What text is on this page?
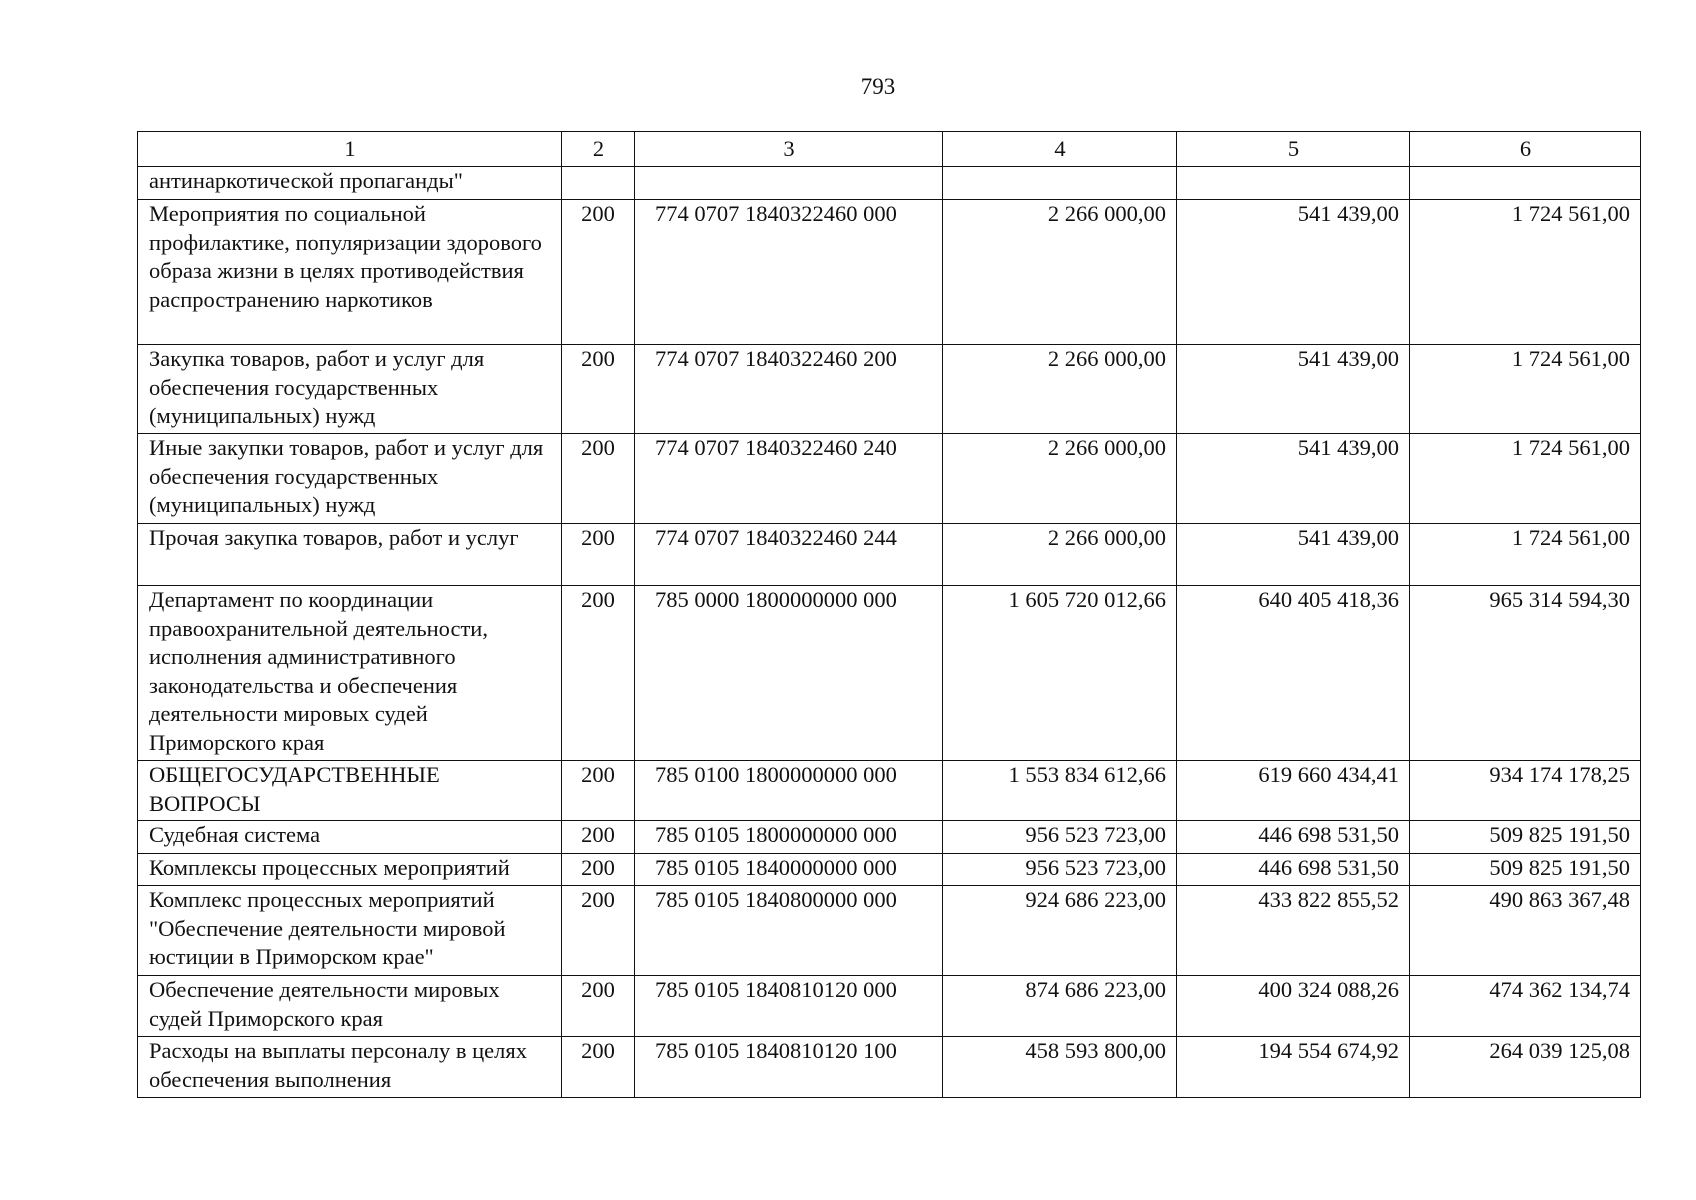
793
1	2	3	4	5	6
антинаркотической пропаганды"					
Мероприятия по социальной профилактике, популяризации здорового образа жизни в целях противодействия распространению наркотиков	200	774 0707 1840322460 000	2 266 000,00	541 439,00	1 724 561,00
Закупка товаров, работ и услуг для обеспечения государственных (муниципальных) нужд	200	774 0707 1840322460 200	2 266 000,00	541 439,00	1 724 561,00
Иные закупки товаров, работ и услуг для обеспечения государственных (муниципальных) нужд	200	774 0707 1840322460 240	2 266 000,00	541 439,00	1 724 561,00
Прочая закупка товаров, работ и услуг	200	774 0707 1840322460 244	2 266 000,00	541 439,00	1 724 561,00
Департамент по координации правоохранительной деятельности, исполнения административного законодательства и обеспечения деятельности мировых судей Приморского края	200	785 0000 1800000000 000	1 605 720 012,66	640 405 418,36	965 314 594,30
ОБЩЕГОСУДАРСТВЕННЫЕ ВОПРОСЫ	200	785 0100 1800000000 000	1 553 834 612,66	619 660 434,41	934 174 178,25
Судебная система	200	785 0105 1800000000 000	956 523 723,00	446 698 531,50	509 825 191,50
Комплексы процессных мероприятий	200	785 0105 1840000000 000	956 523 723,00	446 698 531,50	509 825 191,50
Комплекс процессных мероприятий "Обеспечение деятельности мировой юстиции в Приморском крае"	200	785 0105 1840800000 000	924 686 223,00	433 822 855,52	490 863 367,48
Обеспечение деятельности мировых судей Приморского края	200	785 0105 1840810120 000	874 686 223,00	400 324 088,26	474 362 134,74
Расходы на выплаты персоналу в целях обеспечения выполнения	200	785 0105 1840810120 100	458 593 800,00	194 554 674,92	264 039 125,08
